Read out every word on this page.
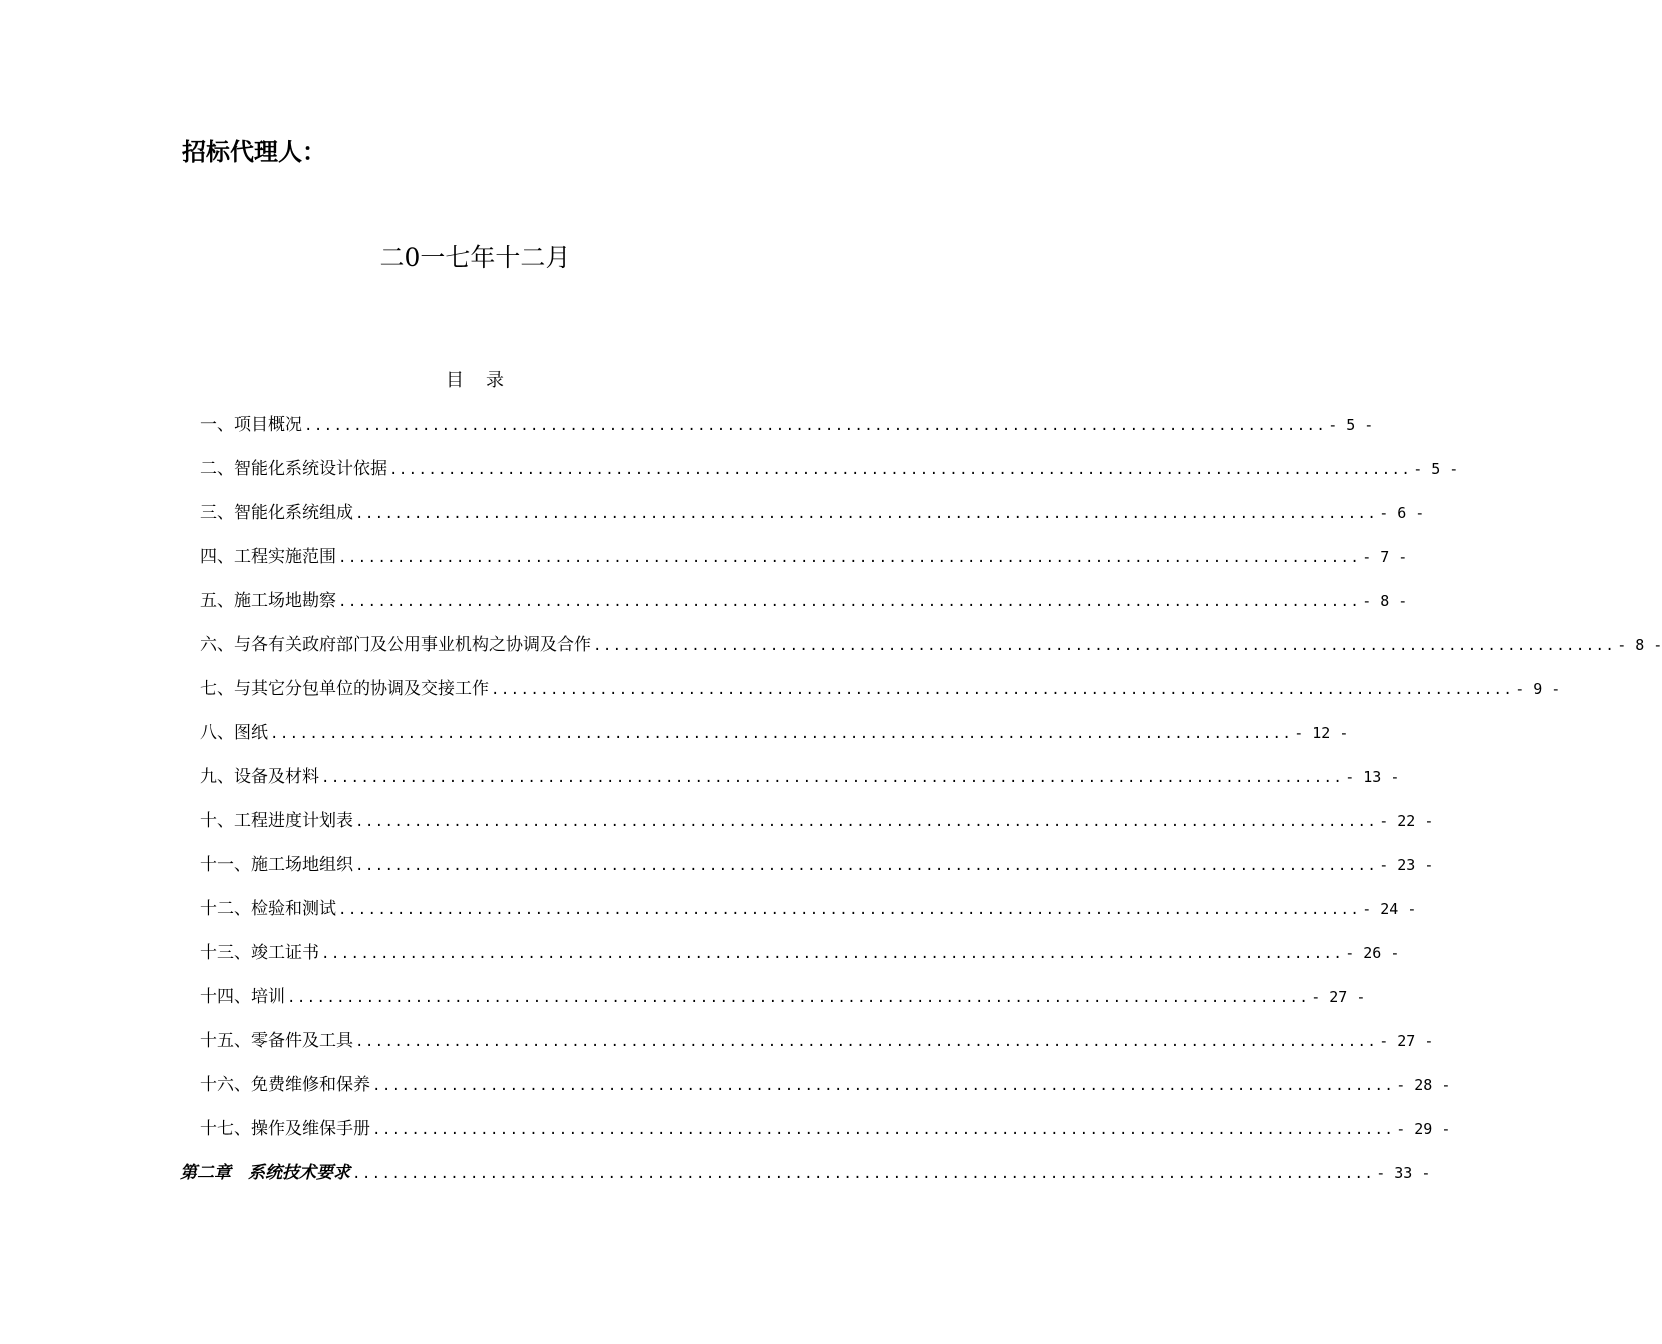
招标代理人：
二0一七年十二月
目 录
一、项目概况 ........................................................................................................ - 5 -
二、智能化系统设计依据 ........................................................................................................ - 5 -
三、智能化系统组成 ........................................................................................................ - 6 -
四、工程实施范围 ........................................................................................................ - 7 -
五、施工场地勘察 ........................................................................................................ - 8 -
六、与各有关政府部门及公用事业机构之协调及合作 ........................................................................................................ - 8 -
七、与其它分包单位的协调及交接工作 ........................................................................................................ - 9 -
八、图纸 ........................................................................................................ - 12 -
九、设备及材料 ........................................................................................................ - 13 -
十、工程进度计划表 ........................................................................................................ - 22 -
十一、施工场地组织 ........................................................................................................ - 23 -
十二、检验和测试 ........................................................................................................ - 24 -
十三、竣工证书 ........................................................................................................ - 26 -
十四、培训 ........................................................................................................ - 27 -
十五、零备件及工具 ........................................................................................................ - 27 -
十六、免费维修和保养 ........................................................................................................ - 28 -
十七、操作及维保手册 ........................................................................................................ - 29 -
第二章　系统技术要求 ........................................................................................................ - 33 -
